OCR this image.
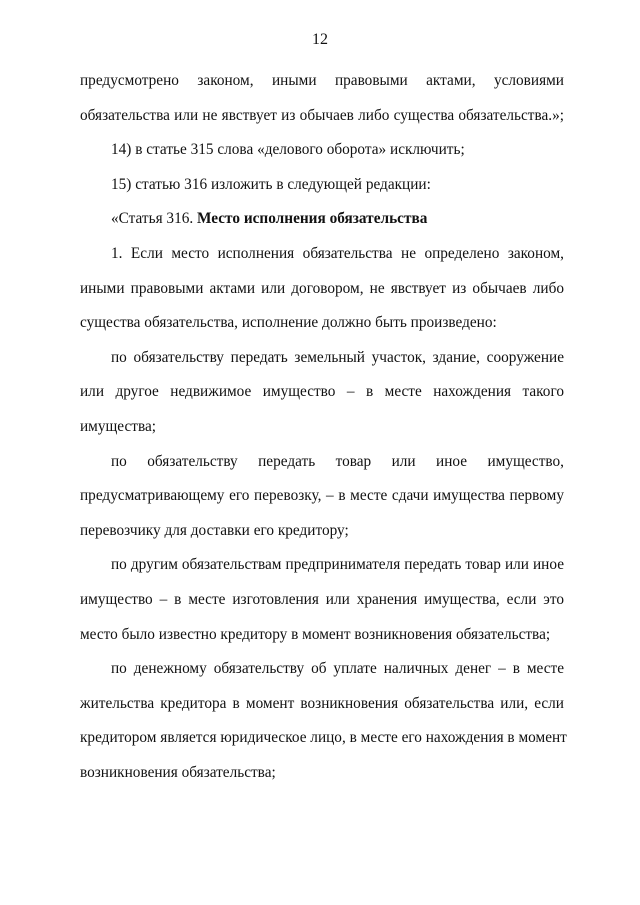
12
предусмотрено законом, иными правовыми актами, условиями
обязательства или не явствует из обычаев либо существа обязательства.»;
14) в статье 315 слова «делового оборота» исключить;
15) статью 316 изложить в следующей редакции:
«Статья 316. Место исполнения обязательства
1. Если место исполнения обязательства не определено законом,
иными правовыми актами или договором, не явствует из обычаев либо
существа обязательства, исполнение должно быть произведено:
по обязательству передать земельный участок, здание, сооружение
или другое недвижимое имущество – в месте нахождения такого
имущества;
по обязательству передать товар или иное имущество,
предусматривающему его перевозку, – в месте сдачи имущества первому
перевозчику для доставки его кредитору;
по другим обязательствам предпринимателя передать товар или иное
имущество – в месте изготовления или хранения имущества, если это
место было известно кредитору в момент возникновения обязательства;
по денежному обязательству об уплате наличных денег – в месте
жительства кредитора в момент возникновения обязательства или, если
кредитором является юридическое лицо, в месте его нахождения в момент
возникновения обязательства;
